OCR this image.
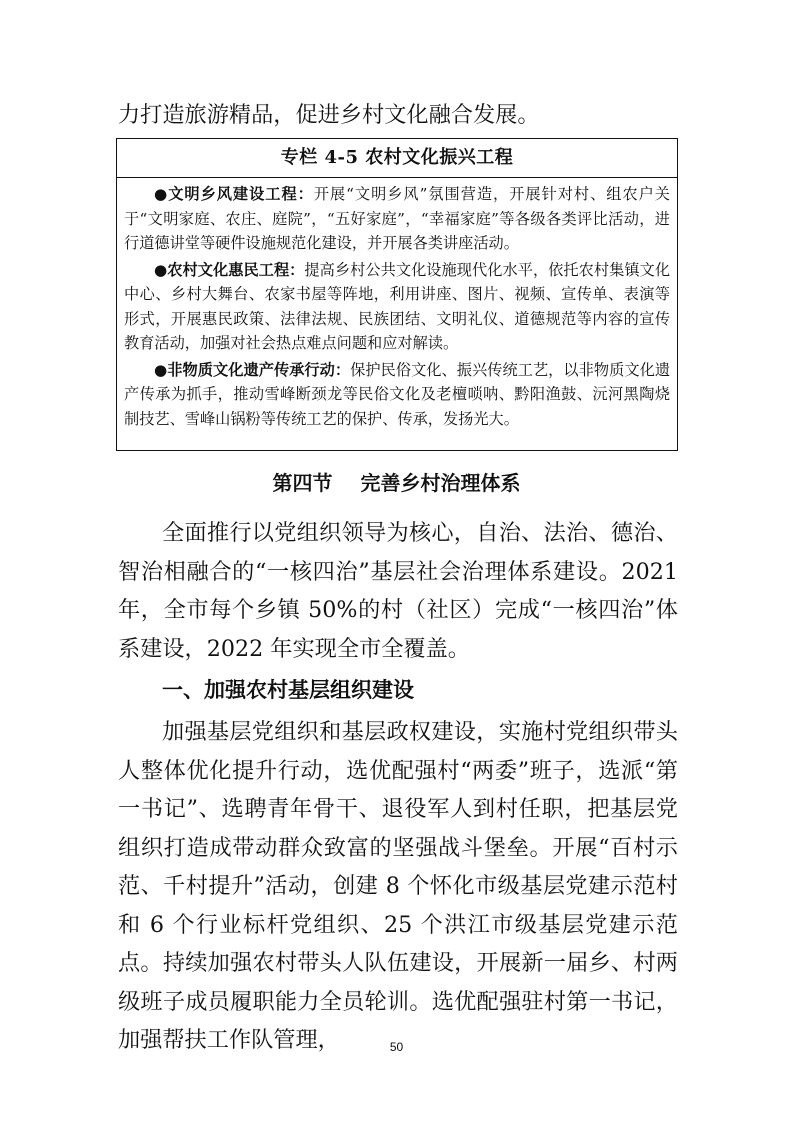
力打造旅游精品，促进乡村文化融合发展。

专栏 4-5 农村文化振兴工程

●文明乡风建设工程：开展“文明乡风”氛围营造，开展针对村、组农户关于“文明家庭、农庄、庭院”，“五好家庭”，“幸福家庭”等各级各类评比活动，进行道德讲堂等硬件设施规范化建设，并开展各类讲座活动。

●农村文化惠民工程：提高乡村公共文化设施现代化水平，依托农村集镇文化中心、乡村大舞台、农家书屋等阵地，利用讲座、图片、视频、宣传单、表演等形式，开展惠民政策、法律法规、民族团结、文明礼仪、道德规范等内容的宣传教育活动，加强对社会热点难点问题和应对解读。

●非物质文化遗产传承行动：保护民俗文化、振兴传统工艺，以非物质文化遗产传承为抓手，推动雪峰断颈龙等民俗文化及老檀唢呐、黔阳渔鼓、沅河黑陶烧制技艺、雪峰山锅粉等传统工艺的保护、传承，发扬光大。

第四节 完善乡村治理体系

全面推行以党组织领导为核心，自治、法治、德治、智治相融合的“一核四治”基层社会治理体系建设。2021 年，全市每个乡镇 50%的村（社区）完成“一核四治”体系建设，2022 年实现全市全覆盖。

一、加强农村基层组织建设

加强基层党组织和基层政权建设，实施村党组织带头人整体优化提升行动，选优配强村“两委”班子，选派“第一书记”、选聘青年骨干、退役军人到村任职，把基层党组织打造成带动群众致富的坚强战斗堡垒。开展“百村示范、千村提升”活动，创建 8 个怀化市级基层党建示范村和 6 个行业标杆党组织、25 个洪江市级基层党建示范点。持续加强农村带头人队伍建设，开展新一届乡、村两级班子成员履职能力全员轮训。选优配强驻村第一书记，加强帮扶工作队管理，	50
